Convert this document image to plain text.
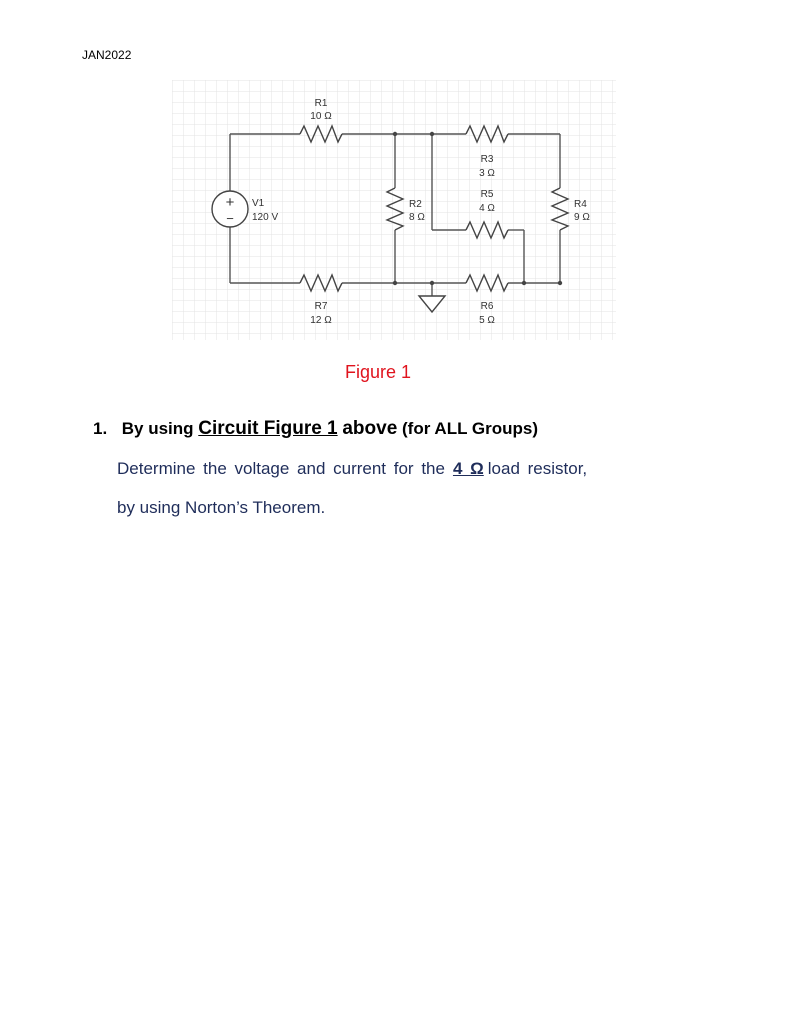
JAN2022
+
−
V1
120 V
R1
10 Ω
R2
8 Ω
R3
3 Ω
R4
9 Ω
R5
4 Ω
R6
5 Ω
R7
12 Ω
Figure 1
1. By using Circuit Figure 1 above (for ALL Groups)
Determine the voltage and current for the 4 Ω load resistor,
by using Norton’s Theorem.
